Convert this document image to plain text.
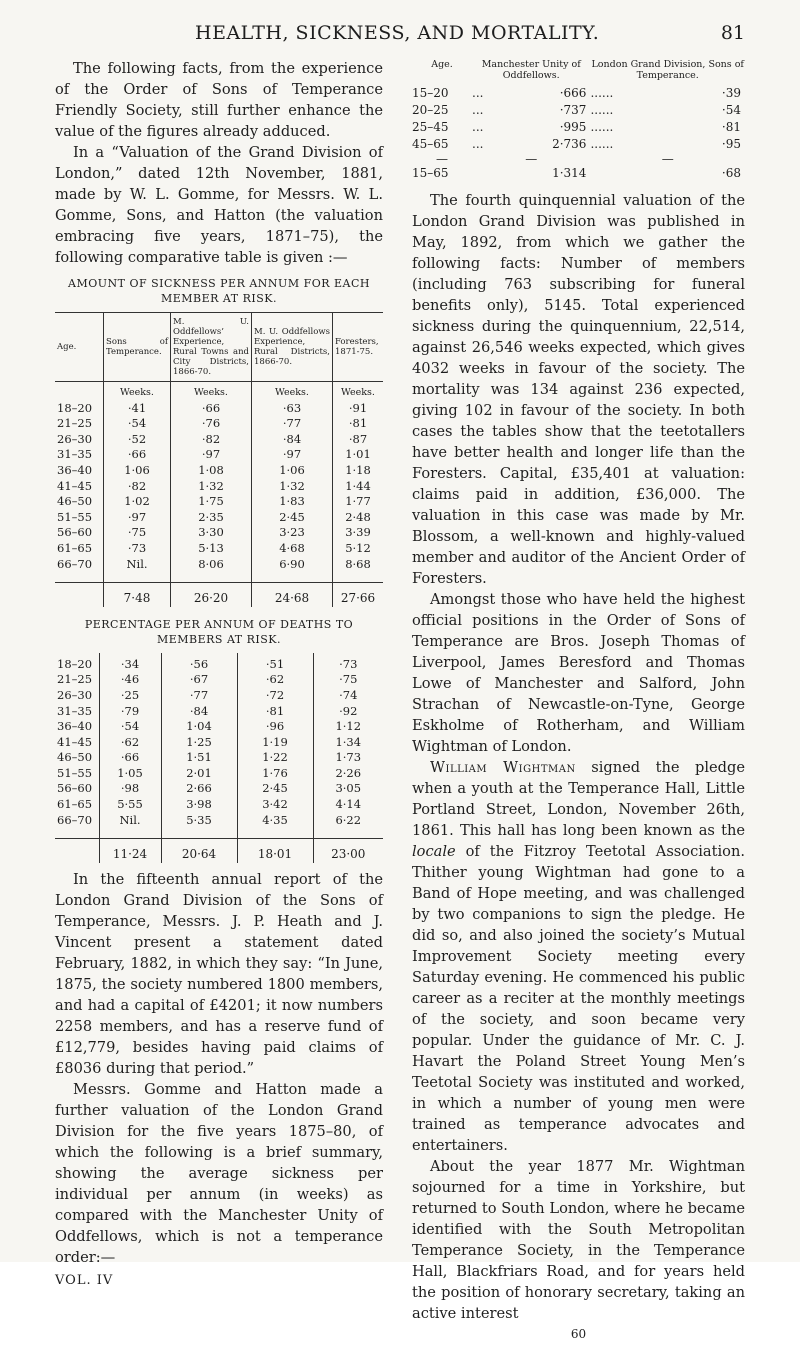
HEALTH, SICKNESS, AND MORTALITY.	81

The following facts, from the experience of the Order of Sons of Temperance Friendly Society, still further enhance the value of the figures already adduced.

In a “Valuation of the Grand Division of London,” dated 12th November, 1881, made by W. L. Gomme, for Messrs. W. L. Gomme, Sons, and Hatton (the valuation embracing five years, 1871–75), the following comparative table is given :—

AMOUNT OF SICKNESS PER ANNUM FOR EACH MEMBER AT RISK.
Age.	Sons of Temperance.	M. U. Oddfellows’ Experience, Rural Towns and City Districts, 1866-70.	M. U. Oddfellows Experience, Rural Districts, 1866-70.	Foresters, 1871-75.
	Weeks.	Weeks.	Weeks.	Weeks.
18–20	·41	·66	·63	·91
21–25	·54	·76	·77	·81
26–30	·52	·82	·84	·87
31–35	·66	·97	·97	1·01
36–40	1·06	1·08	1·06	1·18
41–45	·82	1·32	1·32	1·44
46–50	1·02	1·75	1·83	1·77
51–55	·97	2·35	2·45	2·48
56–60	·75	3·30	3·23	3·39
61–65	·73	5·13	4·68	5·12
66–70	Nil.	8·06	6·90	8·68
	7·48	26·20	24·68	27·66
PERCENTAGE PER ANNUM OF DEATHS TO MEMBERS AT RISK.
18–20	·34	·56	·51	·73
21–25	·46	·67	·62	·75
26–30	·25	·77	·72	·74
31–35	·79	·84	·81	·92
36–40	·54	1·04	·96	1·12
41–45	·62	1·25	1·19	1·34
46–50	·66	1·51	1·22	1·73
51–55	1·05	2·01	1·76	2·26
56–60	·98	2·66	2·45	3·05
61–65	5·55	3·98	3·42	4·14
66–70	Nil.	5·35	4·35	6·22
	11·24	20·64	18·01	23·00

In the fifteenth annual report of the London Grand Division of the Sons of Temperance, Messrs. J. P. Heath and J. Vincent present a statement dated February, 1882, in which they say: “In June, 1875, the society numbered 1800 members, and had a capital of £4201; it now numbers 2258 members, and has a reserve fund of £12,779, besides having paid claims of £8036 during that period.”

Messrs. Gomme and Hatton made a further valuation of the London Grand Division for the five years 1875–80, of which the following is a brief summary, showing the average sickness per individual per annum (in weeks) as compared with the Manchester Unity of Oddfellows, which is not a temperance order:—

VOL. IV
Age.	Manchester Unity of Oddfellows.		London Grand Division, Sons of Temperance.	
15–20	...	·666	......	·39
20–25	...	·737	......	·54
25–45	...	·995	......	·81
45–65	...	2·736	......	·95
—	—		—	
15–65		1·314		·68

The fourth quinquennial valuation of the London Grand Division was published in May, 1892, from which we gather the following facts: Number of members (including 763 subscribing for funeral benefits only), 5145. Total experienced sickness during the quinquennium, 22,514, against 26,546 weeks expected, which gives 4032 weeks in favour of the society. The mortality was 134 against 236 expected, giving 102 in favour of the society. In both cases the tables show that the teetotallers have better health and longer life than the Foresters. Capital, £35,401 at valuation: claims paid in addition, £36,000. The valuation in this case was made by Mr. Blossom, a well-known and highly-valued member and auditor of the Ancient Order of Foresters.

Amongst those who have held the highest official positions in the Order of Sons of Temperance are Bros. Joseph Thomas of Liverpool, James Beresford and Thomas Lowe of Manchester and Salford, John Strachan of Newcastle-on-Tyne, George Eskholme of Rotherham, and William Wightman of London.

William Wightman signed the pledge when a youth at the Temperance Hall, Little Portland Street, London, November 26th, 1861. This hall has long been known as the locale of the Fitzroy Teetotal Association. Thither young Wightman had gone to a Band of Hope meeting, and was challenged by two companions to sign the pledge. He did so, and also joined the society’s Mutual Improvement Society meeting every Saturday evening. He commenced his public career as a reciter at the monthly meetings of the society, and soon became very popular. Under the guidance of Mr. C. J. Havart the Poland Street Young Men’s Teetotal Society was instituted and worked, in which a number of young men were trained as temperance advocates and entertainers.

About the year 1877 Mr. Wightman sojourned for a time in Yorkshire, but returned to South London, where he became identified with the South Metropolitan Temperance Society, in the Temperance Hall, Blackfriars Road, and for years held the position of honorary secretary, taking an active interest

60
